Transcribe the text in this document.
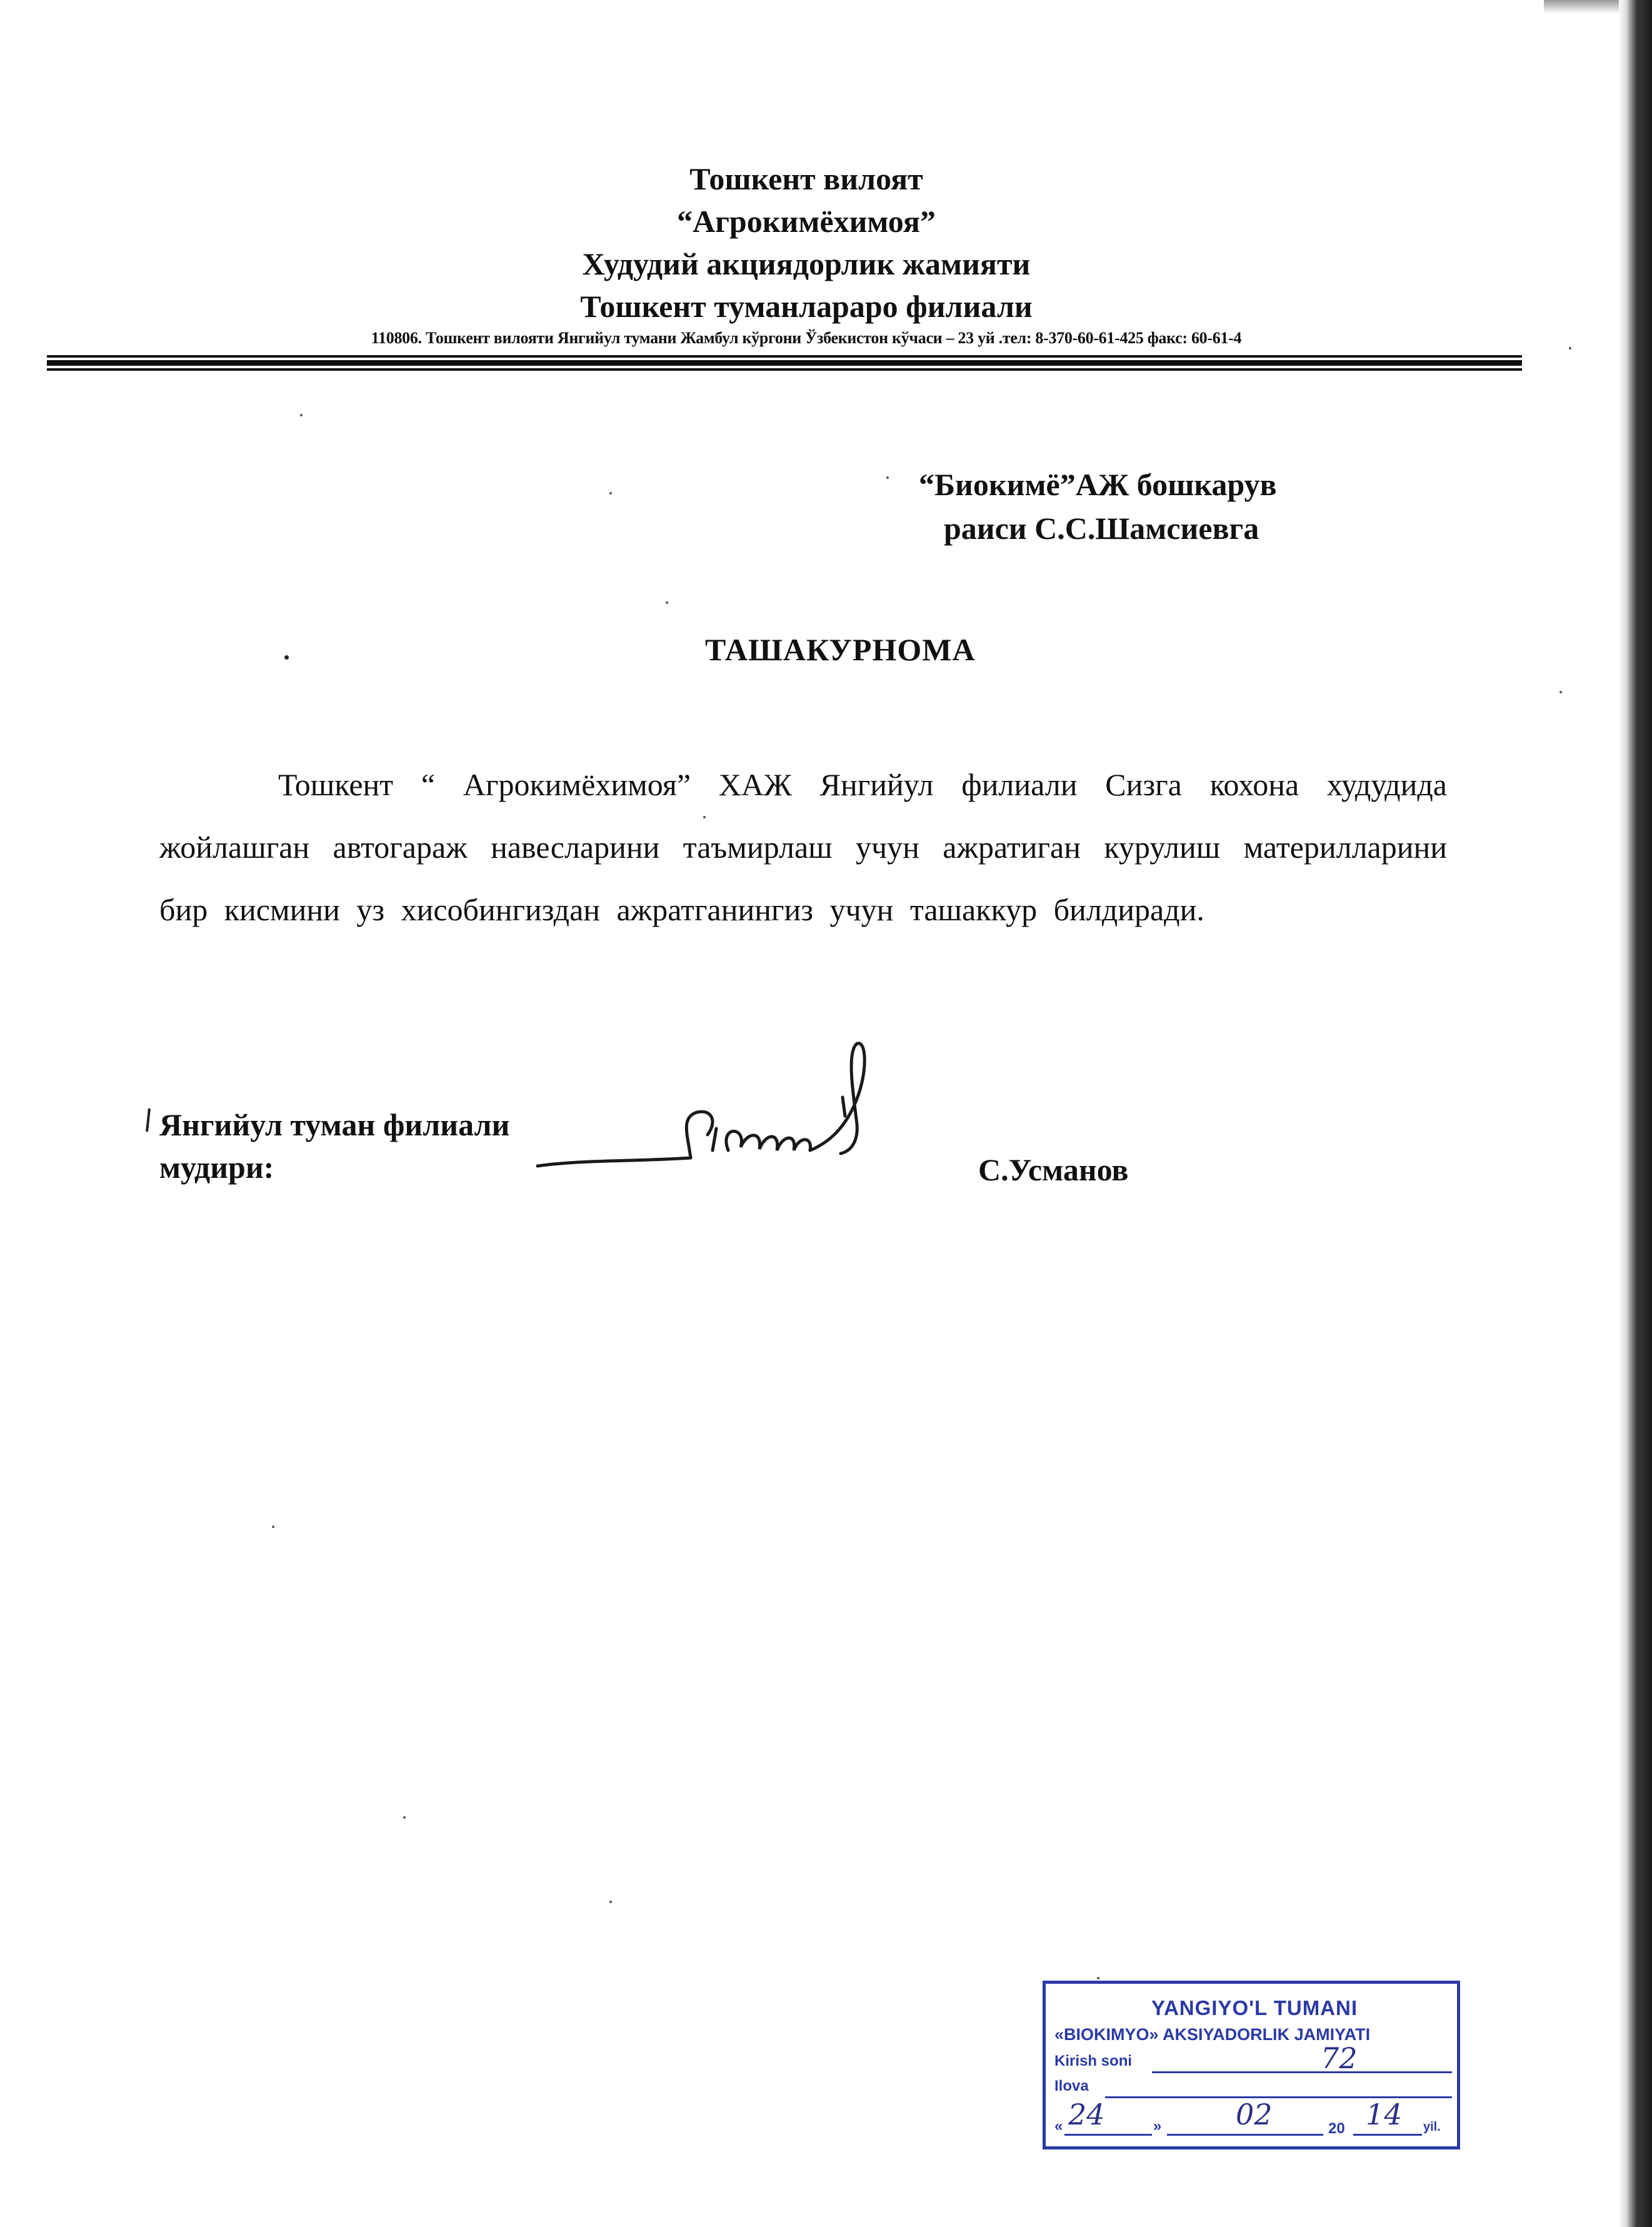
Тошкент вилоят
“Агрокимёхимоя”
Худудий акциядорлик жамияти
Тошкент туманлараро филиали
110806. Тошкент вилояти Янгийул тумани Жамбул кўргони Ўзбекистон кўчаси – 23 уй .тел: 8-370-60-61-425 факс: 60-61-4
“Биокимё”АЖ бошкарув
раиси С.С.Шамсиевга
ТАШАКУРНОМА
Тошкент “ Агрокимёхимоя” ХАЖ Янгийул филиали Сизга кохона худудида жойлашган автогараж навесларини таъмирлаш учун ажратиган курулиш материлларини бир кисмини уз хисобингиздан ажратганингиз учун ташаккур билдиради.
Янгийул туман филиали
мудири:	С.Усманов
YANGIYO'L TUMANI
«BIOKIMYO» AKSIYADORLIK JAMIYATI
Kirish soni	72
Ilova
« 24	»	02	20 14 yil.
